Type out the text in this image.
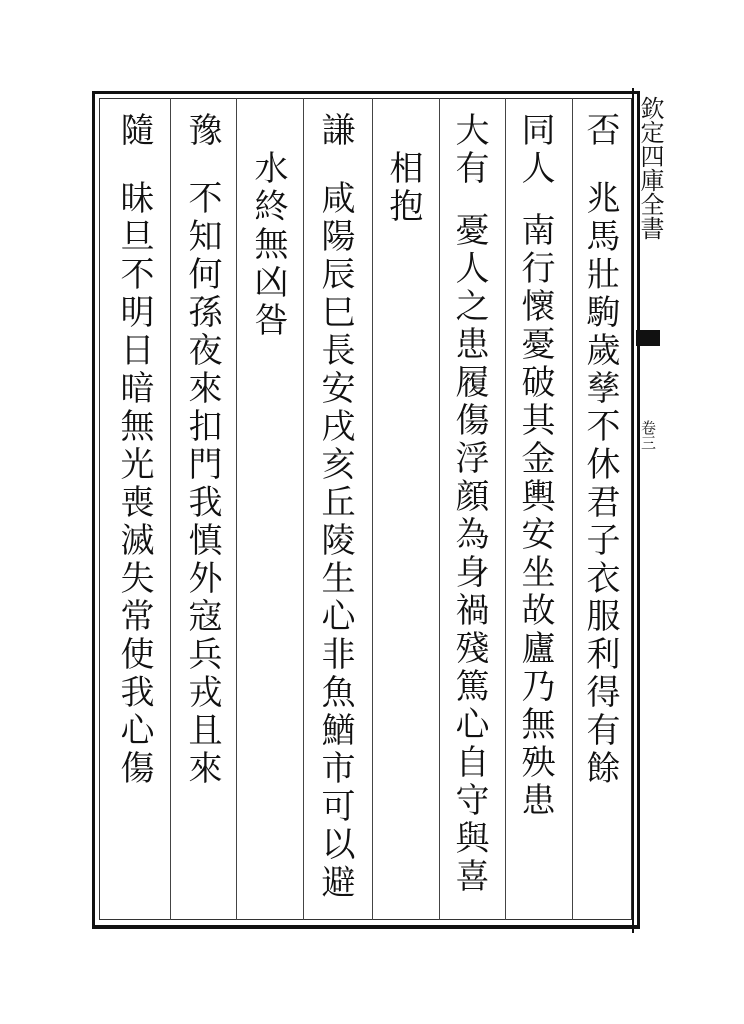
欽定四庫全書
卷三
否
兆馬壯駒歲孳不休君子衣服利得有餘
同人
南行懷憂破其金輿安坐故廬乃無殃患
大有
憂人之患履傷浮顔為身禍殘篤心自守與喜
相抱
謙
咸陽辰巳長安戌亥丘陵生心非魚鰌市可以避
水終無凶咎
豫
不知何孫夜來扣門我慎外寇兵戎且來
隨
昧旦不明日暗無光喪滅失常使我心傷
